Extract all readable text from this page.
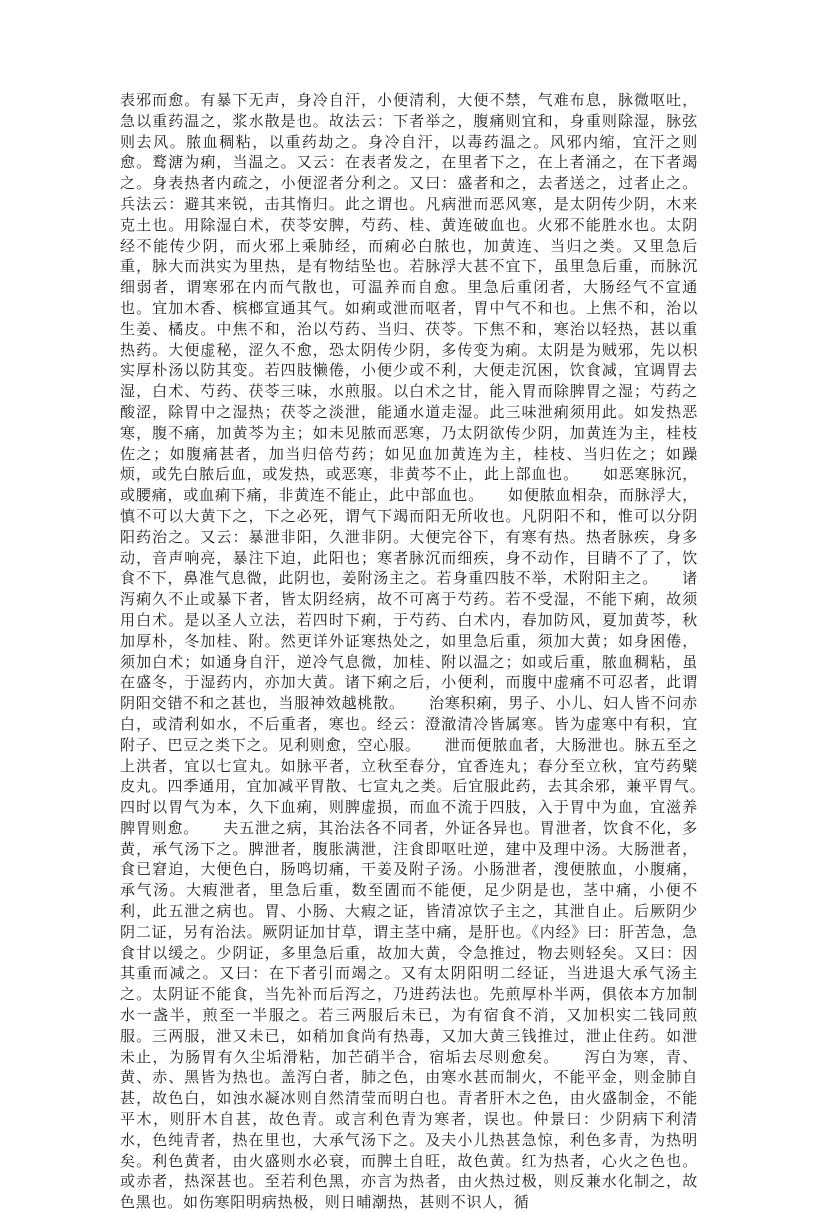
表邪而愈。有暴下无声，身冷自汗，小便清利，大便不禁，气难布息，脉微呕吐，急以重药温之，浆水散是也。故法云：下者举之，腹痛则宜和，身重则除湿，脉弦则去风。脓血稠粘，以重药劫之。身冷自汗，以毒药温之。风邪内缩，宜汗之则愈。鹜溏为痢，当温之。又云：在表者发之，在里者下之，在上者涌之，在下者竭之。身表热者内疏之，小便涩者分利之。又曰：盛者和之，去者送之，过者止之。兵法云：避其来锐，击其惰归。此之谓也。凡病泄而恶风寒，是太阴传少阴，木来克土也。用除湿白术，茯苓安脾，芍药、桂、黄连破血也。火邪不能胜水也。太阴经不能传少阴，而火邪上乘肺经，而痢必白脓也，加黄连、当归之类。又里急后重，脉大而洪实为里热，是有物结坠也。若脉浮大甚不宜下，虽里急后重，而脉沉细弱者，谓寒邪在内而气散也，可温养而自愈。里急后重闭者，大肠经气不宣通也。宜加木香、槟榔宣通其气。如痢或泄而呕者，胃中气不和也。上焦不和，治以生姜、橘皮。中焦不和，治以芍药、当归、茯苓。下焦不和，寒治以轻热，甚以重热药。大便虚秘，涩久不愈，恐太阴传少阴，多传变为痢。太阴是为贼邪，先以枳实厚朴汤以防其变。若四肢懒倦，小便少或不利，大便走沉困，饮食减，宜调胃去湿，白术、芍药、茯苓三味，水煎服。以白术之甘，能入胃而除脾胃之湿；芍药之酸涩，除胃中之湿热；茯苓之淡泄，能通水道走湿。此三味泄痢须用此。如发热恶寒，腹不痛，加黄芩为主；如未见脓而恶寒，乃太阴欲传少阴，加黄连为主，桂枝佐之；如腹痛甚者，加当归倍芍药；如见血加黄连为主，桂枝、当归佐之；如躁烦，或先白脓后血，或发热，或恶寒，非黄芩不止，此上部血也。　　如恶寒脉沉，或腰痛，或血痢下痛，非黄连不能止，此中部血也。　　如便脓血相杂，而脉浮大，慎不可以大黄下之，下之必死，谓气下竭而阳无所收也。凡阴阳不和，惟可以分阴阳药治之。又云：暴泄非阳，久泄非阴。大便完谷下，有寒有热。热者脉疾，身多动，音声响亮，暴注下迫，此阳也；寒者脉沉而细疾，身不动作，目睛不了了，饮食不下，鼻准气息微，此阴也，姜附汤主之。若身重四肢不举，术附阳主之。　　诸泻痢久不止或暴下者，皆太阴经病，故不可离于芍药。若不受湿，不能下痢，故须用白术。是以圣人立法，若四时下痢，于芍药、白术内，春加防风，夏加黄芩，秋加厚朴，冬加桂、附。然更详外证寒热处之，如里急后重，须加大黄；如身困倦，须加白术；如通身自汗，逆冷气息微，加桂、附以温之；如或后重，脓血稠粘，虽在盛冬，于湿药内，亦加大黄。诸下痢之后，小便利，而腹中虚痛不可忍者，此谓阴阳交错不和之甚也，当服神效越桃散。　　治寒积痢，男子、小儿、妇人皆不问赤白，或清利如水，不后重者，寒也。经云：澄澈清冷皆属寒。皆为虚寒中有积，宜附子、巴豆之类下之。见利则愈，空心服。　　泄而便脓血者，大肠泄也。脉五至之上洪者，宜以七宣丸。如脉平者，立秋至春分，宜香连丸；春分至立秋，宜芍药檗皮丸。四季通用，宜加减平胃散、七宣丸之类。后宜服此药，去其余邪，兼平胃气。　　四时以胃气为本，久下血痢，则脾虚损，而血不流于四肢，入于胃中为血，宜滋养脾胃则愈。　　夫五泄之病，其治法各不同者，外证各异也。胃泄者，饮食不化，多黄，承气汤下之。脾泄者，腹胀满泄，注食即呕吐逆，建中及理中汤。大肠泄者，食已窘迫，大便色白，肠鸣切痛，干姜及附子汤。小肠泄者，溲便脓血，小腹痛，承气汤。大瘕泄者，里急后重，数至圊而不能便，足少阴是也，茎中痛，小便不利，此五泄之病也。胃、小肠、大瘕之证，皆清凉饮子主之，其泄自止。后厥阴少阴二证，另有治法。厥阴证加甘草，谓主茎中痛，是肝也。《内经》曰：肝苦急，急食甘以缓之。少阴证，多里急后重，故加大黄，令急推过，物去则轻矣。又曰：因其重而减之。又曰：在下者引而竭之。又有太阴阳明二经证，当进退大承气汤主之。太阴证不能食，当先补而后泻之，乃进药法也。先煎厚朴半两，俱依本方加制水一盏半，煎至一半服之。若三两服后未已，为有宿食不消，又加枳实二钱同煎服。三两服，泄又未已，如稍加食尚有热毒，又加大黄三钱推过，泄止住药。如泄未止，为肠胃有久尘垢滑粘，加芒硝半合，宿垢去尽则愈矣。　　泻白为寒，青、黄、赤、黑皆为热也。盖泻白者，肺之色，由寒水甚而制火，不能平金，则金肺自甚，故色白，如浊水凝冰则自然清莹而明白也。青者肝木之色，由火盛制金，不能平木，则肝木自甚，故色青。或言利色青为寒者，误也。仲景曰：少阴病下利清水，色纯青者，热在里也，大承气汤下之。及夫小儿热甚急惊，利色多青，为热明矣。利色黄者，由火盛则水必衰，而脾土自旺，故色黄。红为热者，心火之色也。或赤者，热深甚也。至若利色黑，亦言为热者，由火热过极，则反兼水化制之，故色黑也。如伤寒阳明病热极，则日晡潮热，甚则不识人，循
